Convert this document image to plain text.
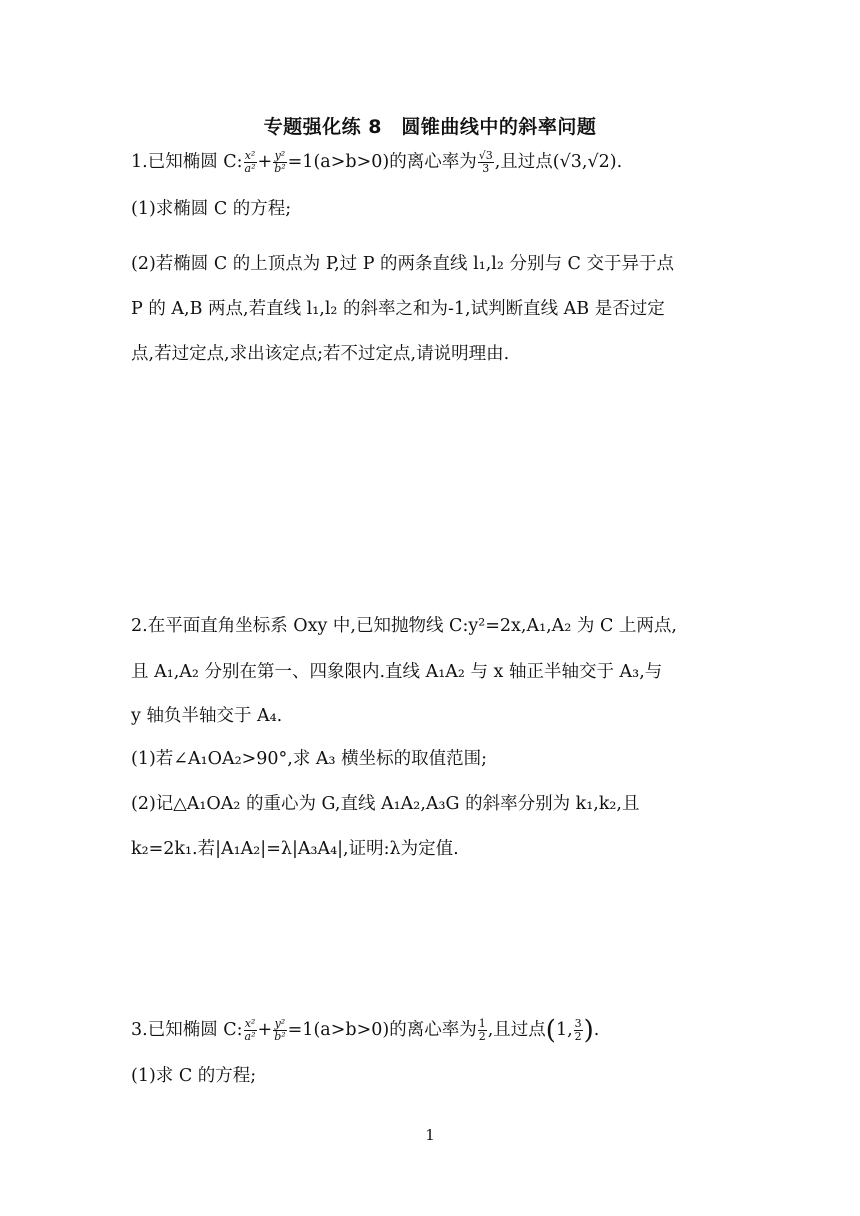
专题强化练 8　圆锥曲线中的斜率问题
1.已知椭圆 C: $\frac{\text{x²}}{\text{a²}} + \frac{\text{y²}}{\text{b²}} =1(a>b>0)$的离心率为 $\frac{√3}{3}$ ,且过点(√3,√2).
(1)求椭圆 C 的方程;
(2)若椭圆 C 的上顶点为 P,过 P 的两条直线 l₁,l₂ 分别与 C 交于异于点
P 的 A,B 两点,若直线 l₁,l₂ 的斜率之和为-1,试判断直线 AB 是否过定
点,若过定点,求出该定点;若不过定点,请说明理由.
2.在平面直角坐标系 Oxy 中,已知抛物线 C:y²=2x,A₁,A₂ 为 C 上两点,
且 A₁,A₂ 分别在第一、四象限内.直线 A₁A₂ 与 x 轴正半轴交于 A₃,与
y 轴负半轴交于 A₄.
(1)若∠A₁OA₂>90°,求 A₃ 横坐标的取值范围;
(2)记△A₁OA₂ 的重心为 G,直线 A₁A₂,A₃G 的斜率分别为 k₁,k₂,且
k₂=2k₁.若|A₁A₂|=λ|A₃A₄|,证明:λ为定值.
3.已知椭圆 C: $\frac{\text{x²}}{\text{a²}} + \frac{\text{y²}}{\text{b²}} =1(a>b>0)$的离心率为 $\frac{1}{2}$ ,且过点(1, $\frac{3}{2}$ ).
(1)求 C 的方程;
1
